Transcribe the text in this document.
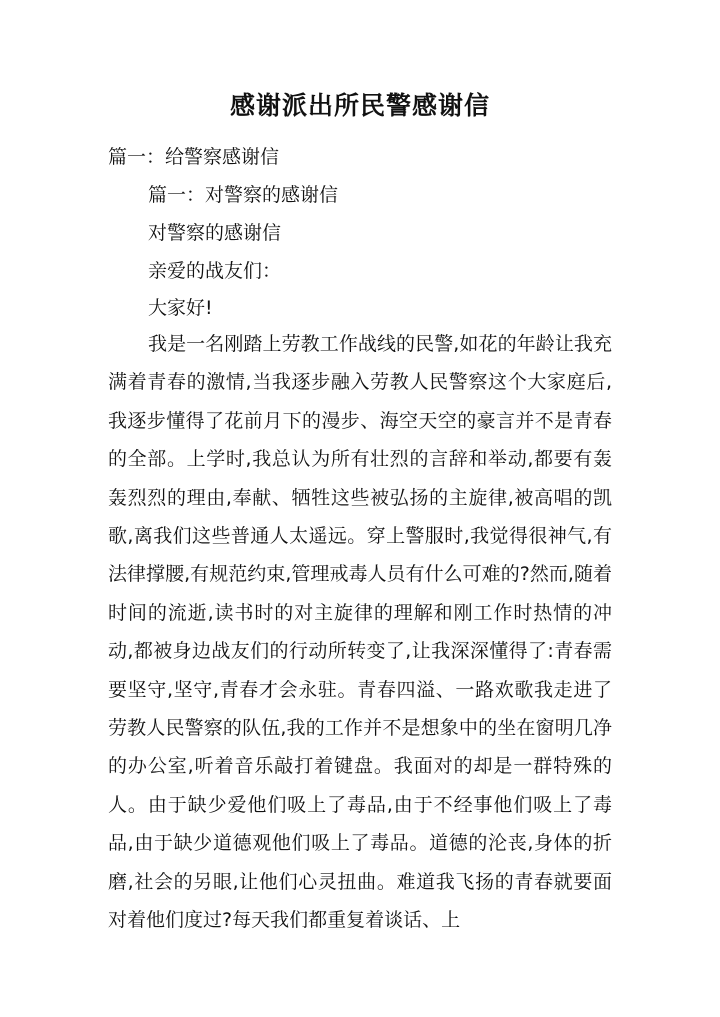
感谢派出所民警感谢信
篇一：给警察感谢信
篇一：对警察的感谢信
对警察的感谢信
亲爱的战友们：
大家好!

我是一名刚踏上劳教工作战线的民警,如花的年龄让我充满着青春的激情,当我逐步融入劳教人民警察这个大家庭后,我逐步懂得了花前月下的漫步、海空天空的豪言并不是青春的全部。上学时,我总认为所有壮烈的言辞和举动,都要有轰轰烈烈的理由,奉献、牺牲这些被弘扬的主旋律,被高唱的凯歌,离我们这些普通人太遥远。穿上警服时,我觉得很神气,有法律撑腰,有规范约束,管理戒毒人员有什么可难的?然而,随着时间的流逝,读书时的对主旋律的理解和刚工作时热情的冲动,都被身边战友们的行动所转变了,让我深深懂得了:青春需要坚守,坚守,青春才会永驻。青春四溢、一路欢歌我走进了劳教人民警察的队伍,我的工作并不是想象中的坐在窗明几净的办公室,听着音乐敲打着键盘。我面对的却是一群特殊的人。由于缺少爱他们吸上了毒品,由于不经事他们吸上了毒品,由于缺少道德观他们吸上了毒品。道德的沦丧,身体的折磨,社会的另眼,让他们心灵扭曲。难道我飞扬的青春就要面对着他们度过?每天我们都重复着谈话、上
